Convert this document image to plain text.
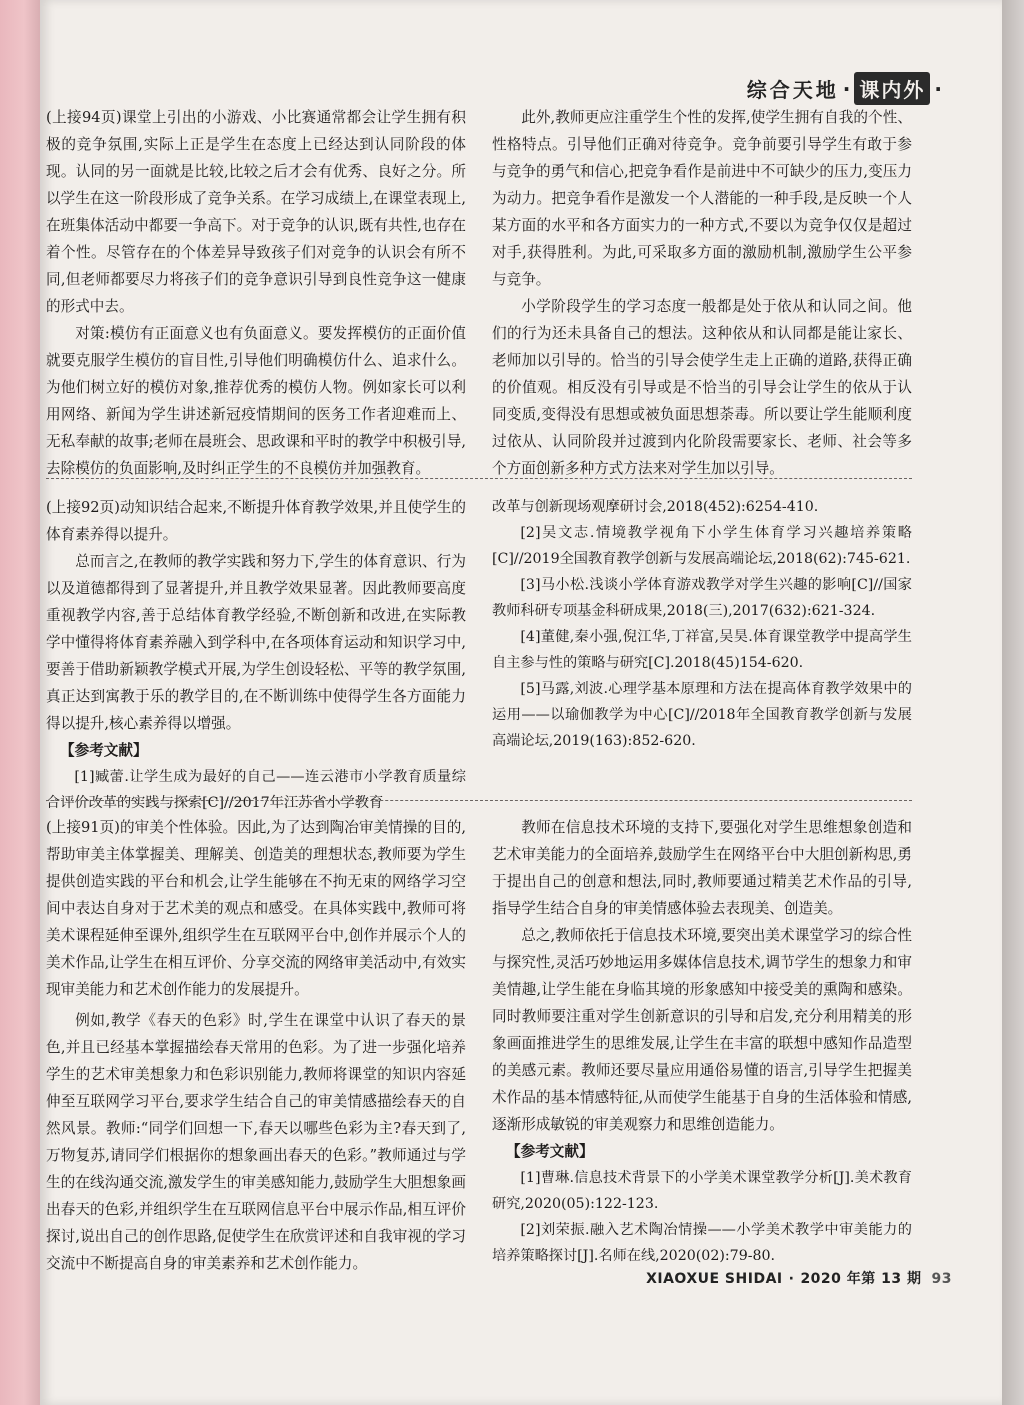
综合天地 · 课内外 ·

(上接94页)课堂上引出的小游戏、小比赛通常都会让学生拥有积极的竞争氛围,实际上正是学生在态度上已经达到认同阶段的体现。认同的另一面就是比较,比较之后才会有优秀、良好之分。所以学生在这一阶段形成了竞争关系。在学习成绩上,在课堂表现上,在班集体活动中都要一争高下。对于竞争的认识,既有共性,也存在着个性。尽管存在的个体差异导致孩子们对竞争的认识会有所不同,但老师都要尽力将孩子们的竞争意识引导到良性竞争这一健康的形式中去。

对策:模仿有正面意义也有负面意义。要发挥模仿的正面价值就要克服学生模仿的盲目性,引导他们明确模仿什么、追求什么。为他们树立好的模仿对象,推荐优秀的模仿人物。例如家长可以利用网络、新闻为学生讲述新冠疫情期间的医务工作者迎难而上、无私奉献的故事;老师在晨班会、思政课和平时的教学中积极引导,去除模仿的负面影响,及时纠正学生的不良模仿并加强教育。

此外,教师更应注重学生个性的发挥,使学生拥有自我的个性、性格特点。引导他们正确对待竞争。竞争前要引导学生有敢于参与竞争的勇气和信心,把竞争看作是前进中不可缺少的压力,变压力为动力。把竞争看作是激发一个人潜能的一种手段,是反映一个人某方面的水平和各方面实力的一种方式,不要以为竞争仅仅是超过对手,获得胜利。为此,可采取多方面的激励机制,激励学生公平参与竞争。

小学阶段学生的学习态度一般都是处于依从和认同之间。他们的行为还未具备自己的想法。这种依从和认同都是能让家长、老师加以引导的。恰当的引导会使学生走上正确的道路,获得正确的价值观。相反没有引导或是不恰当的引导会让学生的依从于认同变质,变得没有思想或被负面思想荼毒。所以要让学生能顺利度过依从、认同阶段并过渡到内化阶段需要家长、老师、社会等多个方面创新多种方式方法来对学生加以引导。

(上接92页)动知识结合起来,不断提升体育教学效果,并且使学生的体育素养得以提升。

总而言之,在教师的教学实践和努力下,学生的体育意识、行为以及道德都得到了显著提升,并且教学效果显著。因此教师要高度重视教学内容,善于总结体育教学经验,不断创新和改进,在实际教学中懂得将体育素养融入到学科中,在各项体育运动和知识学习中,要善于借助新颖教学模式开展,为学生创设轻松、平等的教学氛围,真正达到寓教于乐的教学目的,在不断训练中使得学生各方面能力得以提升,核心素养得以增强。

【参考文献】

[1]臧蕾.让学生成为最好的自己——连云港市小学教育质量综合评价改革的实践与探索[C]//2017年江苏省小学教育

改革与创新现场观摩研讨会,2018(452):6254-410.

[2]吴文志.情境教学视角下小学生体育学习兴趣培养策略[C]//2019全国教育教学创新与发展高端论坛,2018(62):745-621.

[3]马小松.浅谈小学体育游戏教学对学生兴趣的影响[C]//国家教师科研专项基金科研成果,2018(三),2017(632):621-324.

[4]董健,秦小强,倪江华,丁祥富,吴昊.体育课堂教学中提高学生自主参与性的策略与研究[C].2018(45)154-620.

[5]马露,刘波.心理学基本原理和方法在提高体育教学效果中的运用——以瑜伽教学为中心[C]//2018年全国教育教学创新与发展高端论坛,2019(163):852-620.

(上接91页)的审美个性体验。因此,为了达到陶冶审美情操的目的,帮助审美主体掌握美、理解美、创造美的理想状态,教师要为学生提供创造实践的平台和机会,让学生能够在不拘无束的网络学习空间中表达自身对于艺术美的观点和感受。在具体实践中,教师可将美术课程延伸至课外,组织学生在互联网平台中,创作并展示个人的美术作品,让学生在相互评价、分享交流的网络审美活动中,有效实现审美能力和艺术创作能力的发展提升。

例如,教学《春天的色彩》时,学生在课堂中认识了春天的景色,并且已经基本掌握描绘春天常用的色彩。为了进一步强化培养学生的艺术审美想象力和色彩识别能力,教师将课堂的知识内容延伸至互联网学习平台,要求学生结合自己的审美情感描绘春天的自然风景。教师:“同学们回想一下,春天以哪些色彩为主?春天到了,万物复苏,请同学们根据你的想象画出春天的色彩。”教师通过与学生的在线沟通交流,激发学生的审美感知能力,鼓励学生大胆想象画出春天的色彩,并组织学生在互联网信息平台中展示作品,相互评价探讨,说出自己的创作思路,促使学生在欣赏评述和自我审视的学习交流中不断提高自身的审美素养和艺术创作能力。

教师在信息技术环境的支持下,要强化对学生思维想象创造和艺术审美能力的全面培养,鼓励学生在网络平台中大胆创新构思,勇于提出自己的创意和想法,同时,教师要通过精美艺术作品的引导,指导学生结合自身的审美情感体验去表现美、创造美。

总之,教师依托于信息技术环境,要突出美术课堂学习的综合性与探究性,灵活巧妙地运用多媒体信息技术,调节学生的想象力和审美情趣,让学生能在身临其境的形象感知中接受美的熏陶和感染。同时教师要注重对学生创新意识的引导和启发,充分利用精美的形象画面推进学生的思维发展,让学生在丰富的联想中感知作品造型的美感元素。教师还要尽量应用通俗易懂的语言,引导学生把握美术作品的基本情感特征,从而使学生能基于自身的生活体验和情感,逐渐形成敏锐的审美观察力和思维创造能力。

【参考文献】

[1]曹琳.信息技术背景下的小学美术课堂教学分析[J].美术教育研究,2020(05):122-123.

[2]刘荣振.融入艺术陶冶情操——小学美术教学中审美能力的培养策略探讨[J].名师在线,2020(02):79-80.

XIAOXUE SHIDAI · 2020 年第 13 期 93
